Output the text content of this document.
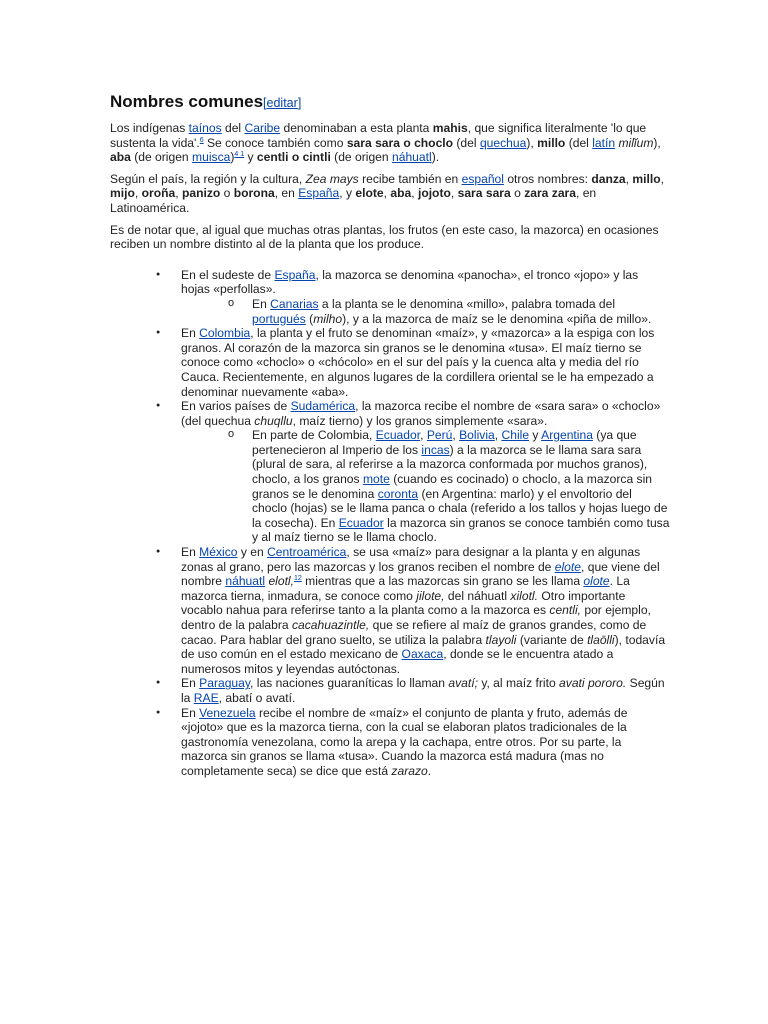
Nombres comunes[editar]

Los indígenas taínos del Caribe denominaban a esta planta mahis, que significa literalmente 'lo que sustenta la vida'.$^6$ Se conoce también como sara sara o choclo (del quechua), millo (del latín milĭum), aba (de origen muisca)$^{4 1}$ y centli o cintli (de origen náhuatl).

Según el país, la región y la cultura, Zea mays recibe también en español otros nombres: danza, millo, mijo, oroña, panizo o borona, en España, y elote, aba, jojoto, sara sara o zara zara, en Latinoamérica.

Es de notar que, al igual que muchas otras plantas, los frutos (en este caso, la mazorca) en ocasiones reciben un nombre distinto al de la planta que los produce.

● En el sudeste de España, la mazorca se denomina «panocha», el tronco «jopo» y las hojas «perfollas».
o En Canarias a la planta se le denomina «millo», palabra tomada del portugués (milho), y a la mazorca de maíz se le denomina «piña de millo».
● En Colombia, la planta y el fruto se denominan «maíz», y «mazorca» a la espiga con los granos. Al corazón de la mazorca sin granos se le denomina «tusa». El maíz tierno se conoce como «choclo» o «chócolo» en el sur del país y la cuenca alta y media del río Cauca. Recientemente, en algunos lugares de la cordillera oriental se le ha empezado a denominar nuevamente «aba».
● En varios países de Sudamérica, la mazorca recibe el nombre de «sara sara» o «choclo» (del quechua chuqllu, maíz tierno) y los granos simplemente «sara».
o En parte de Colombia, Ecuador, Perú, Bolivia, Chile y Argentina (ya que pertenecieron al Imperio de los incas) a la mazorca se le llama sara sara (plural de sara, al referirse a la mazorca conformada por muchos granos), choclo, a los granos mote (cuando es cocinado) o choclo, a la mazorca sin granos se le denomina coronta (en Argentina: marlo) y el envoltorio del choclo (hojas) se le llama panca o chala (referido a los tallos y hojas luego de la cosecha). En Ecuador la mazorca sin granos se conoce también como tusa y al maíz tierno se le llama choclo.
● En México y en Centroamérica, se usa «maíz» para designar a la planta y en algunas zonas al grano, pero las mazorcas y los granos reciben el nombre de elote, que viene del nombre náhuatl elotl,$^{12}$ mientras que a las mazorcas sin grano se les llama olote. La mazorca tierna, inmadura, se conoce como jilote, del náhuatl xilotl. Otro importante vocablo nahua para referirse tanto a la planta como a la mazorca es centli, por ejemplo, dentro de la palabra cacahuazintle, que se refiere al maíz de granos grandes, como de cacao. Para hablar del grano suelto, se utiliza la palabra tlayoli (variante de tlaōlli), todavía de uso común en el estado mexicano de Oaxaca, donde se le encuentra atado a numerosos mitos y leyendas autóctonas.
● En Paraguay, las naciones guaraníticas lo llaman avatí; y, al maíz frito avati pororo. Según la RAE, abatí o avatí.
● En Venezuela recibe el nombre de «maíz» el conjunto de planta y fruto, además de «jojoto» que es la mazorca tierna, con la cual se elaboran platos tradicionales de la gastronomía venezolana, como la arepa y la cachapa, entre otros. Por su parte, la mazorca sin granos se llama «tusa». Cuando la mazorca está madura (mas no completamente seca) se dice que está zarazo.
